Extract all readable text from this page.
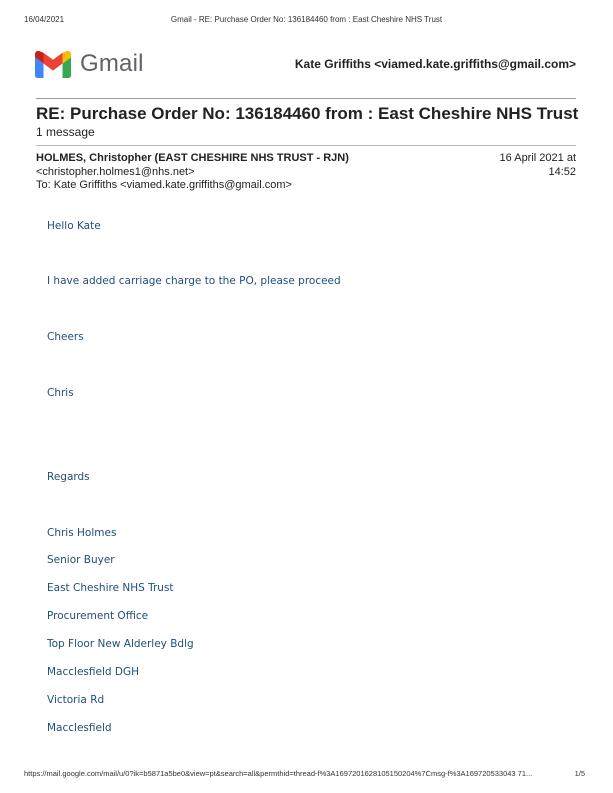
16/04/2021	Gmail - RE: Purchase Order No: 136184460 from : East Cheshire NHS Trust
Gmail	Kate Griffiths <viamed.kate.griffiths@gmail.com>
RE: Purchase Order No: 136184460 from : East Cheshire NHS Trust
1 message
HOLMES, Christopher (EAST CHESHIRE NHS TRUST - RJN)
<christopher.holmes1@nhs.net>
To: Kate Griffiths <viamed.kate.griffiths@gmail.com>
16 April 2021 at
14:52
Hello Kate
I have added carriage charge to the PO, please proceed
Cheers
Chris
Regards
Chris Holmes
Senior Buyer
East Cheshire NHS Trust
Procurement Office
Top Floor New Alderley Bdlg
Macclesfield DGH
Victoria Rd
Macclesfield
https://mail.google.com/mail/u/0?ik=b5871a5be0&view=pt&search=all&permthid=thread-f%3A1697201628105150204%7Cmsg-f%3A169720533043 71...	1/5
